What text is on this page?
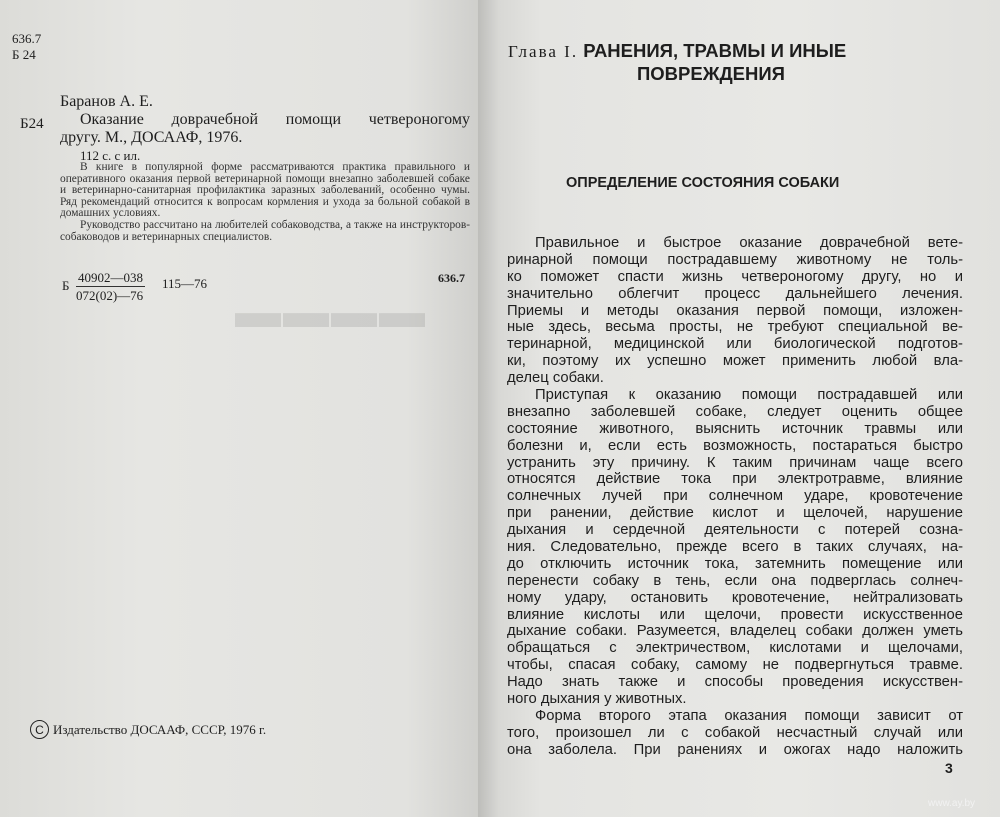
▬▬▬▬
636.7
Б 24
Б24
Баранов А. Е.
Оказание доврачебной помощи четвероногому
другу. М., ДОСААФ, 1976.
112 с. с ил.

В книге в популярной форме рассматриваются практика правильного и оперативного оказания первой ветеринарной помощи внезапно заболевшей собаке и ветеринарно-санитарная профилактика заразных заболеваний, особенно чумы. Ряд рекомендаций относится к вопросам кормления и ухода за больной собакой в домашних условиях.

Руководство рассчитано на любителей собаководства, а также на инструкторов-собаководов и ветеринарных специалистов.

Б
40902—038
072(02)—76
115—76	636.7
C Издательство ДОСААФ, СССР, 1976 г.
Глава I. РАНЕНИЯ, ТРАВМЫ И ИНЫЕ
ПОВРЕЖДЕНИЯ
ОПРЕДЕЛЕНИЕ СОСТОЯНИЯ СОБАКИ
Правильное и быстрое оказание доврачебной вете-
ринарной помощи пострадавшему животному не толь-
ко поможет спасти жизнь четвероногому другу, но и
значительно облегчит процесс дальнейшего лечения.
Приемы и методы оказания первой помощи, изложен-
ные здесь, весьма просты, не требуют специальной ве-
теринарной, медицинской или биологической подготов-
ки, поэтому их успешно может применить любой вла-
делец собаки.
Приступая к оказанию помощи пострадавшей или
внезапно заболевшей собаке, следует оценить общее
состояние животного, выяснить источник травмы или
болезни и, если есть возможность, постараться быстро
устранить эту причину. К таким причинам чаще всего
относятся действие тока при электротравме, влияние
солнечных лучей при солнечном ударе, кровотечение
при ранении, действие кислот и щелочей, нарушение
дыхания и сердечной деятельности с потерей созна-
ния. Следовательно, прежде всего в таких случаях, на-
до отключить источник тока, затемнить помещение или
перенести собаку в тень, если она подверглась солнеч-
ному удару, остановить кровотечение, нейтрализовать
влияние кислоты или щелочи, провести искусственное
дыхание собаки. Разумеется, владелец собаки должен уметь
обращаться с электричеством, кислотами и щелочами,
чтобы, спасая собаку, самому не подвергнуться травме.
Надо знать также и способы проведения искусствен-
ного дыхания у животных.
Форма второго этапа оказания помощи зависит от
того, произошел ли с собакой несчастный случай или
она заболела. При ранениях и ожогах надо наложить
3
www.ay.by
